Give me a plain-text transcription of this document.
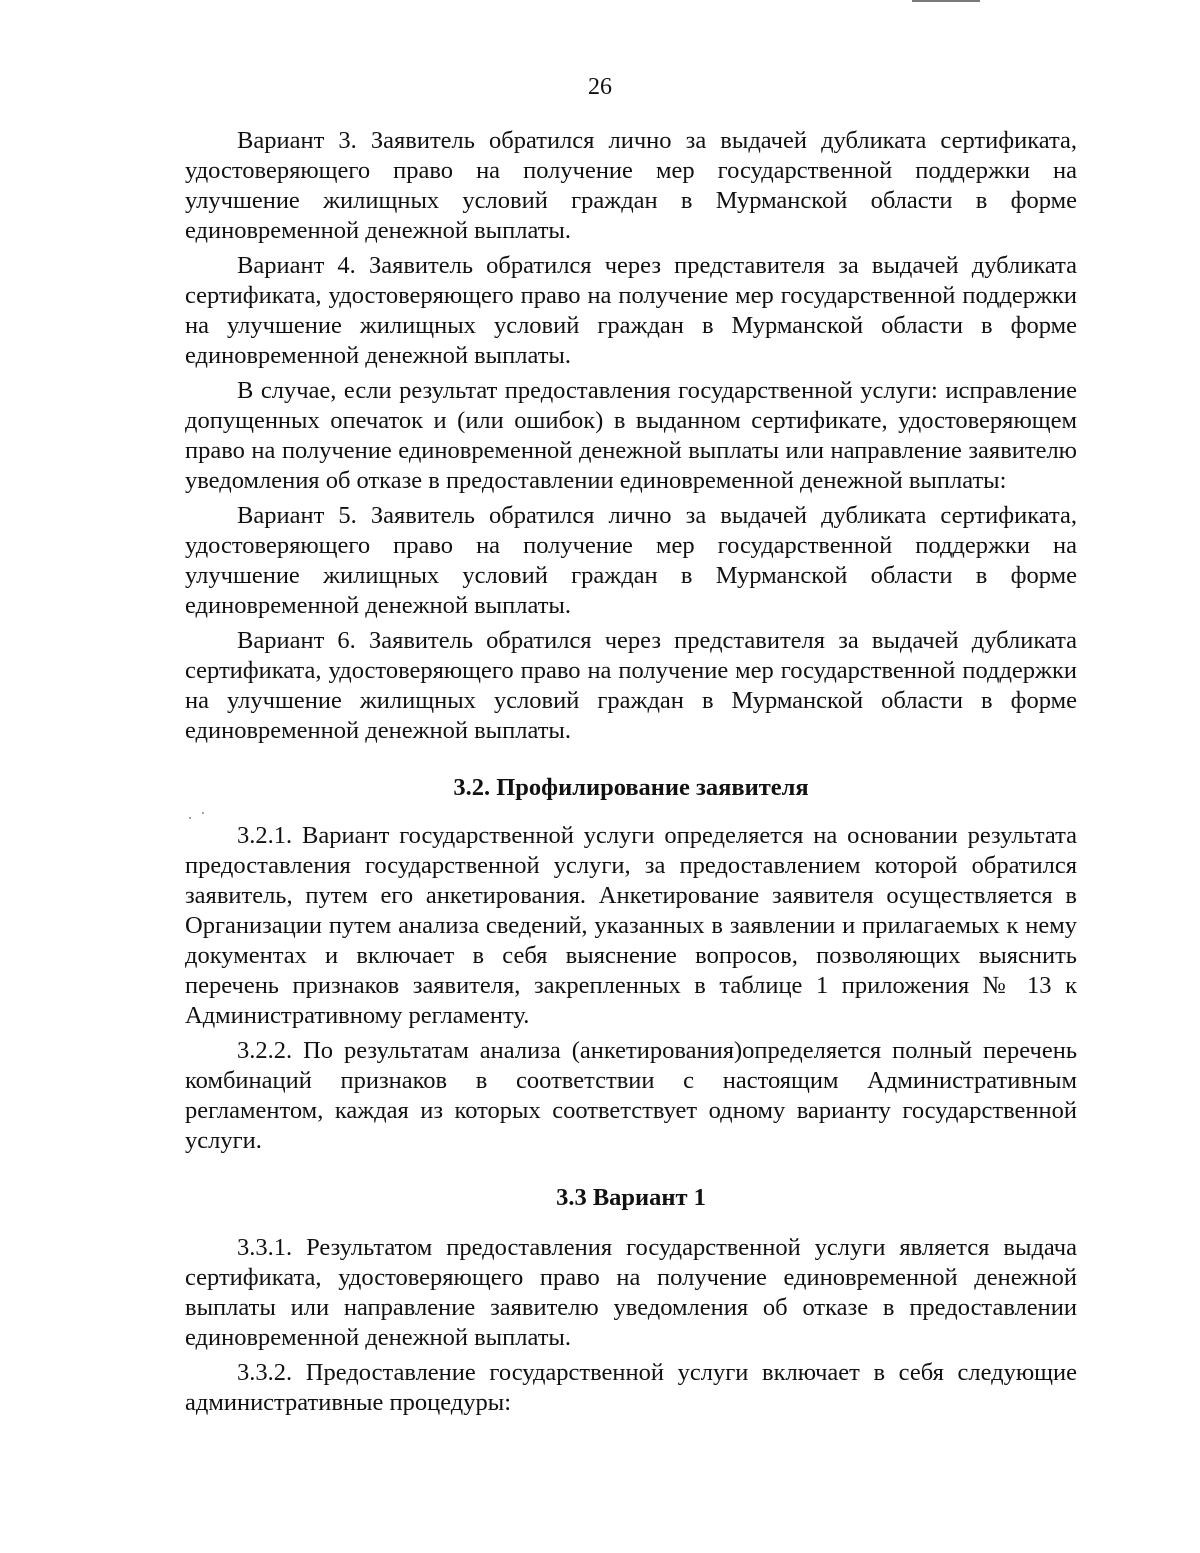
26

Вариант 3. Заявитель обратился лично за выдачей дубликата сертификата, удостоверяющего право на получение мер государственной поддержки на улучшение жилищных условий граждан в Мурманской области в форме единовременной денежной выплаты.

Вариант 4. Заявитель обратился через представителя за выдачей дубликата сертификата, удостоверяющего право на получение мер государственной поддержки на улучшение жилищных условий граждан в Мурманской области в форме единовременной денежной выплаты.

В случае, если результат предоставления государственной услуги: исправление допущенных опечаток и (или ошибок) в выданном сертификате, удостоверяющем право на получение единовременной денежной выплаты или направление заявителю уведомления об отказе в предоставлении единовременной денежной выплаты:

Вариант 5. Заявитель обратился лично за выдачей дубликата сертификата, удостоверяющего право на получение мер государственной поддержки на улучшение жилищных условий граждан в Мурманской области в форме единовременной денежной выплаты.

Вариант 6. Заявитель обратился через представителя за выдачей дубликата сертификата, удостоверяющего право на получение мер государственной поддержки на улучшение жилищных условий граждан в Мурманской области в форме единовременной денежной выплаты.

3.2. Профилирование заявителя

3.2.1. Вариант государственной услуги определяется на основании результата предоставления государственной услуги, за предоставлением которой обратился заявитель, путем его анкетирования. Анкетирование заявителя осуществляется в Организации путем анализа сведений, указанных в заявлении и прилагаемых к нему документах и включает в себя выяснение вопросов, позволяющих выяснить перечень признаков заявителя, закрепленных в таблице 1 приложения № 13 к Административному регламенту.

3.2.2. По результатам анализа (анкетирования)определяется полный перечень комбинаций признаков в соответствии с настоящим Административным регламентом, каждая из которых соответствует одному варианту государственной услуги.

3.3 Вариант 1

3.3.1. Результатом предоставления государственной услуги является выдача сертификата, удостоверяющего право на получение единовременной денежной выплаты или направление заявителю уведомления об отказе в предоставлении единовременной денежной выплаты.

3.3.2. Предоставление государственной услуги включает в себя следующие административные процедуры:
